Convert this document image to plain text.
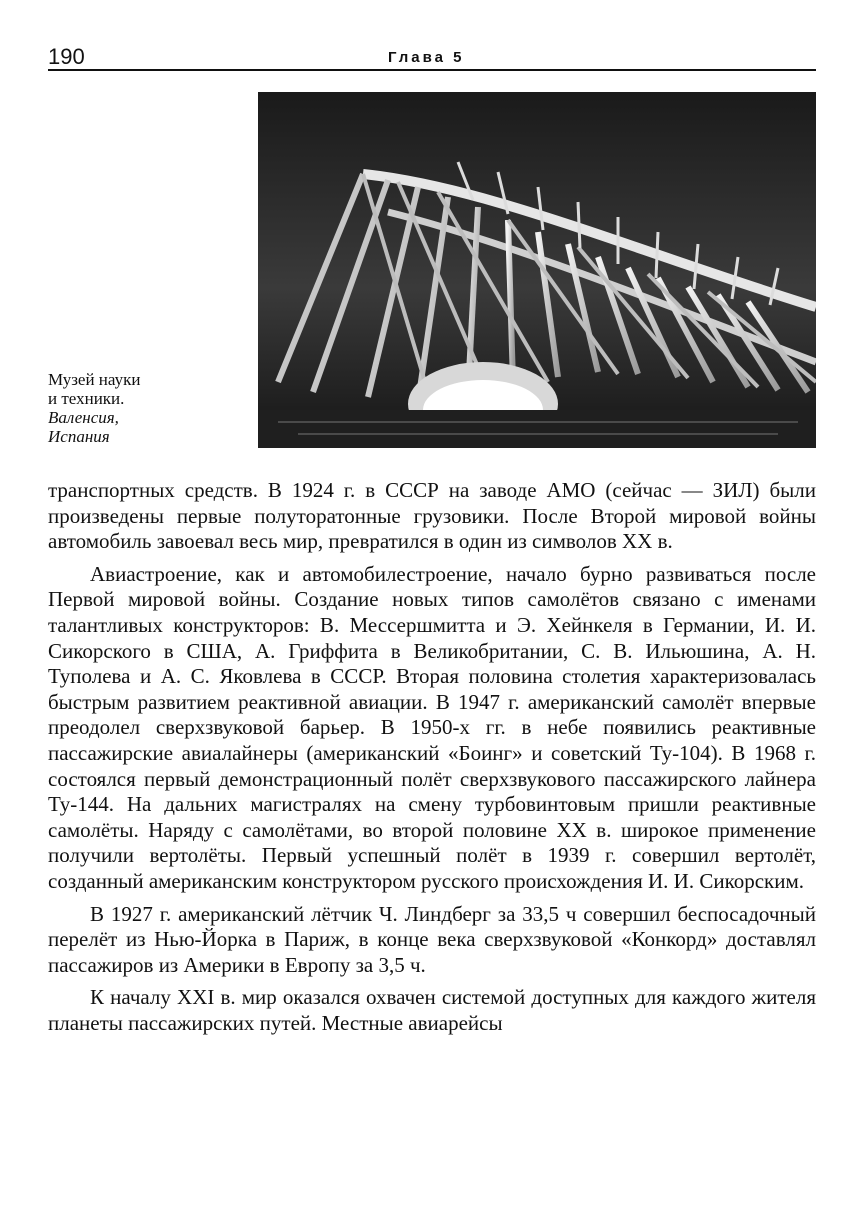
190	Глава 5
Музей науки
и техники.
Валенсия,
Испания

транспортных средств. В 1924 г. в СССР на заводе АМО (сейчас — ЗИЛ) были произведены первые полуторатонные грузовики. После Второй мировой войны автомобиль завоевал весь мир, превратился в один из символов XX в.

Авиастроение, как и автомобилестроение, начало бурно развиваться после Первой мировой войны. Создание новых типов самолётов связано с именами талантливых конструкторов: В. Мессершмитта и Э. Хейнкеля в Германии, И. И. Сикорского в США, А. Гриффита в Великобритании, С. В. Ильюшина, А. Н. Туполева и А. С. Яковлева в СССР. Вторая половина столетия характеризовалась быстрым развитием реактивной авиации. В 1947 г. американский самолёт впервые преодолел сверхзвуковой барьер. В 1950-х гг. в небе появились реактивные пассажирские авиалайнеры (американский «Боинг» и советский Ту-104). В 1968 г. состоялся первый демонстрационный полёт сверхзвукового пассажирского лайнера Ту-144. На дальних магистралях на смену турбовинтовым пришли реактивные самолёты. Наряду с самолётами, во второй половине XX в. широкое применение получили вертолёты. Первый успешный полёт в 1939 г. совершил вертолёт, созданный американским конструктором русского происхождения И. И. Сикорским.

В 1927 г. американский лётчик Ч. Линдберг за 33,5 ч совершил беспосадочный перелёт из Нью-Йорка в Париж, в конце века сверхзвуковой «Конкорд» доставлял пассажиров из Америки в Европу за 3,5 ч.

К началу XXI в. мир оказался охвачен системой доступных для каждого жителя планеты пассажирских путей. Местные авиарейсы
